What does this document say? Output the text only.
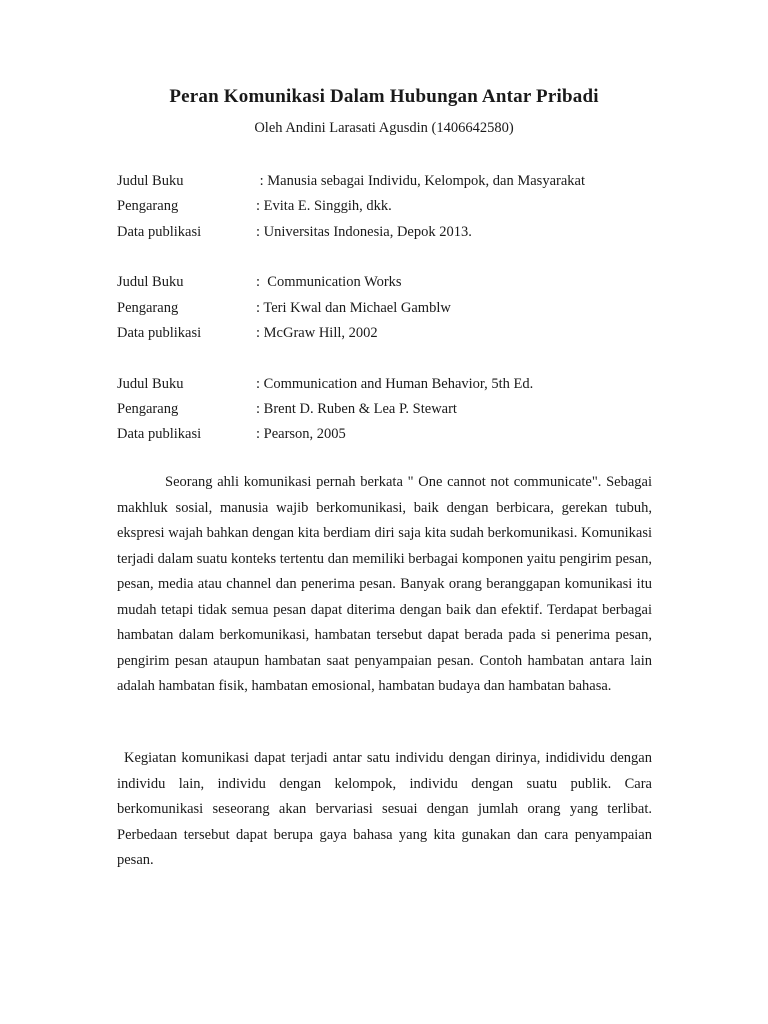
Peran Komunikasi Dalam Hubungan Antar Pribadi
Oleh Andini Larasati Agusdin (1406642580)
Judul Buku	: Manusia sebagai Individu, Kelompok, dan Masyarakat
Pengarang	: Evita E. Singgih, dkk.
Data publikasi	: Universitas Indonesia, Depok 2013.
Judul Buku	:  Communication Works
Pengarang	: Teri Kwal dan Michael Gamblw
Data publikasi	: McGraw Hill, 2002
Judul Buku	: Communication and Human Behavior, 5th Ed.
Pengarang	: Brent D. Ruben & Lea P. Stewart
Data publikasi	: Pearson, 2005

Seorang ahli komunikasi pernah berkata " One cannot not communicate". Sebagai makhluk sosial, manusia wajib berkomunikasi, baik dengan berbicara, gerekan tubuh, ekspresi wajah bahkan dengan kita berdiam diri saja kita sudah berkomunikasi. Komunikasi terjadi dalam suatu konteks tertentu dan memiliki berbagai komponen yaitu pengirim pesan, pesan, media atau channel dan penerima pesan. Banyak orang beranggapan komunikasi itu mudah tetapi tidak semua pesan dapat diterima dengan baik dan efektif. Terdapat berbagai hambatan dalam berkomunikasi, hambatan tersebut dapat berada pada si penerima pesan, pengirim pesan ataupun hambatan saat penyampaian pesan. Contoh hambatan antara lain adalah hambatan fisik, hambatan emosional, hambatan budaya dan hambatan bahasa.

Kegiatan komunikasi dapat terjadi antar satu individu dengan dirinya, indidividu dengan individu lain, individu dengan kelompok, individu dengan suatu publik. Cara berkomunikasi seseorang akan bervariasi sesuai dengan jumlah orang yang terlibat. Perbedaan tersebut dapat berupa gaya bahasa yang kita gunakan dan cara penyampaian pesan.
